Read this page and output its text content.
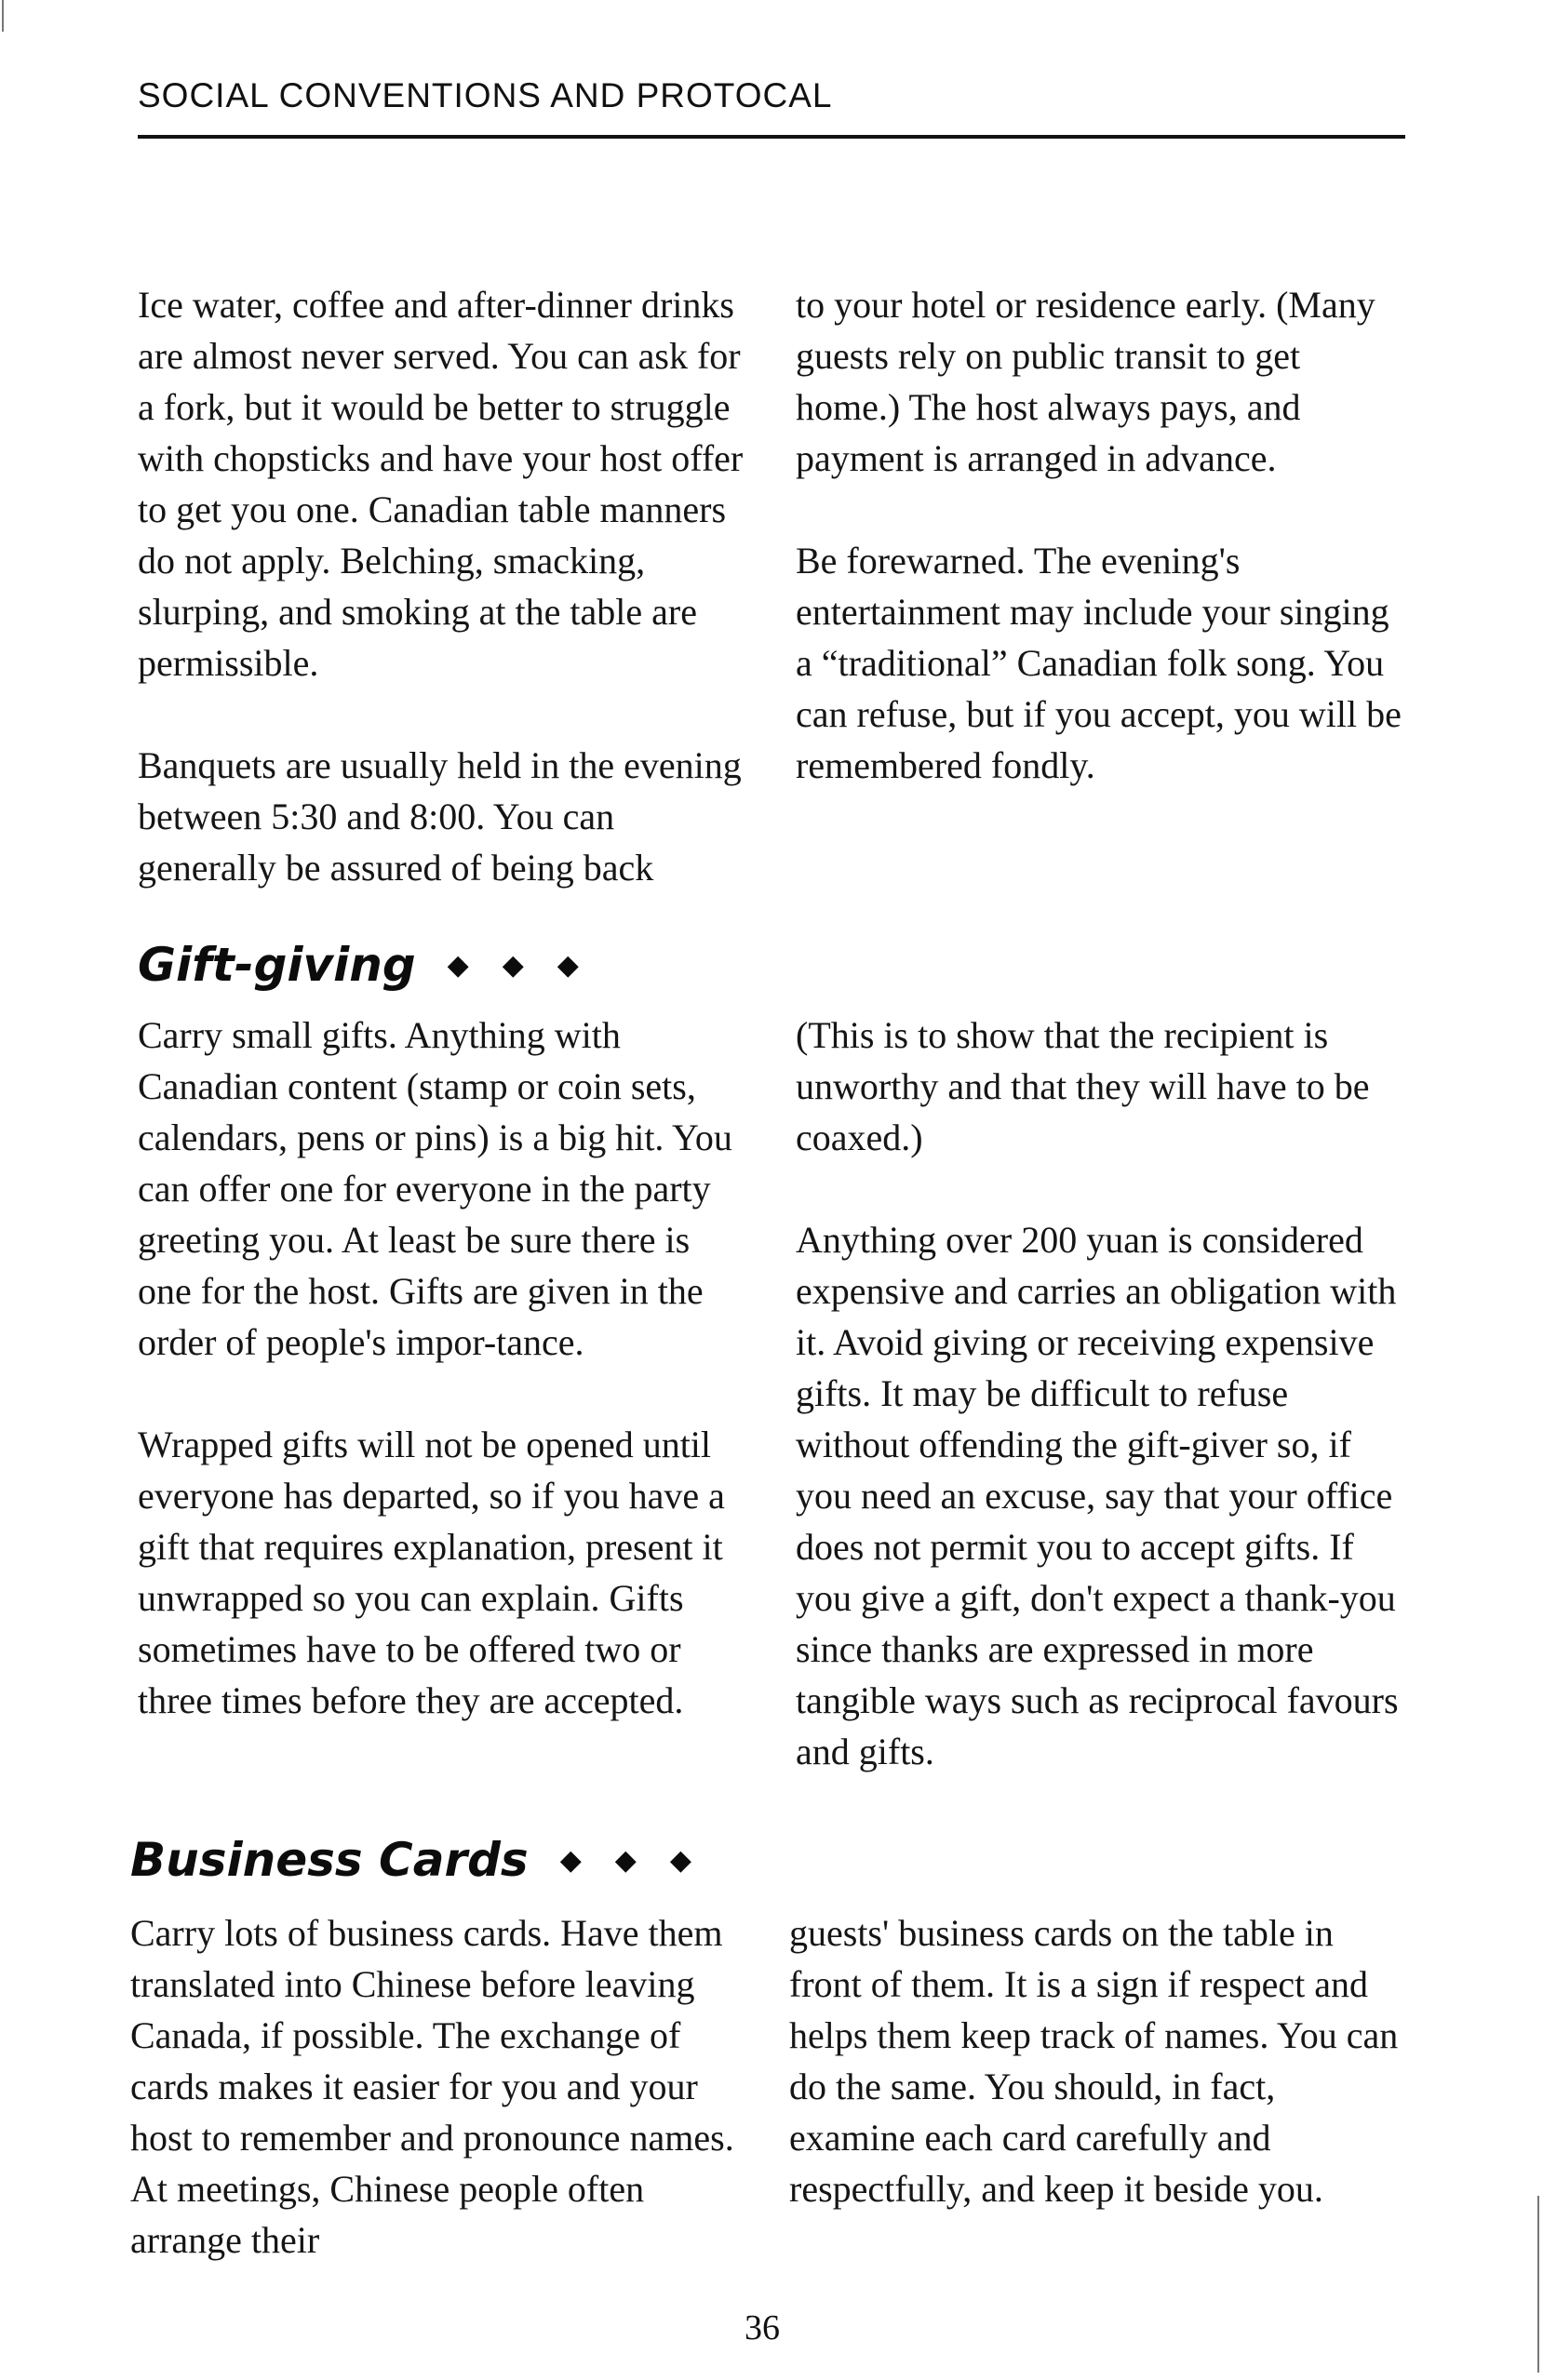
SOCIAL CONVENTIONS AND PROTOCAL

Ice water, coffee and after-dinner drinks are almost never served. You can ask for a fork, but it would be better to struggle with chopsticks and have your host offer to get you one. Canadian table manners do not apply. Belching, smacking, slurping, and smoking at the table are permissible.

Banquets are usually held in the evening between 5:30 and 8:00. You can generally be assured of being back

to your hotel or residence early. (Many guests rely on public transit to get home.) The host always pays, and payment is arranged in advance.

Be forewarned. The evening's entertainment may include your singing a “traditional” Canadian folk song. You can refuse, but if you accept, you will be remembered fondly.

Gift-giving ◆ ◆ ◆

Carry small gifts. Anything with Canadian content (stamp or coin sets, calendars, pens or pins) is a big hit. You can offer one for everyone in the party greeting you. At least be sure there is one for the host. Gifts are given in the order of people's impor-tance.

Wrapped gifts will not be opened until everyone has departed, so if you have a gift that requires explanation, present it unwrapped so you can explain. Gifts sometimes have to be offered two or three times before they are accepted.

(This is to show that the recipient is unworthy and that they will have to be coaxed.)

Anything over 200 yuan is considered expensive and carries an obligation with it. Avoid giving or receiving expensive gifts. It may be difficult to refuse without offending the gift-giver so, if you need an excuse, say that your office does not permit you to accept gifts. If you give a gift, don't expect a thank-you since thanks are expressed in more tangible ways such as reciprocal favours and gifts.

Business Cards ◆ ◆ ◆

Carry lots of business cards. Have them translated into Chinese before leaving Canada, if possible. The exchange of cards makes it easier for you and your host to remember and pronounce names. At meetings, Chinese people often arrange their

guests' business cards on the table in front of them. It is a sign if respect and helps them keep track of names. You can do the same. You should, in fact, examine each card carefully and respectfully, and keep it beside you.

36
